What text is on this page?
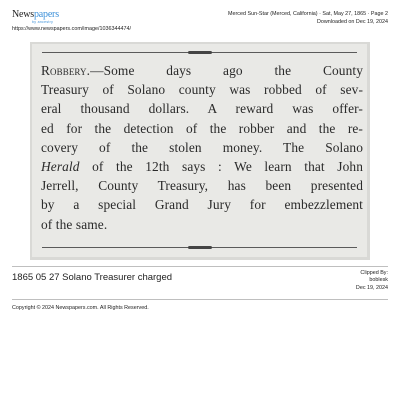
Newspapers
by ancestry
https://www.newspapers.com/image/1036344474/
Merced Sun-Star (Merced, California) · Sat, May 27, 1865 · Page 2
Downloaded on Dec 19, 2024
Robbery.—Some days ago the County
Treasury of Solano county was robbed of sev-
eral thousand dollars. A reward was offer-
ed for the detection of the robber and the re-
covery of the stolen money. The Solano
Herald of the 12th says : We learn that John
Jerrell, County Treasury, has been presented
by a special Grand Jury for embezzlement
of the same.
1865 05 27 Solano Treasurer charged	Clipped By:
boblesk
Dec 19, 2024
Copyright © 2024 Newspapers.com. All Rights Reserved.
